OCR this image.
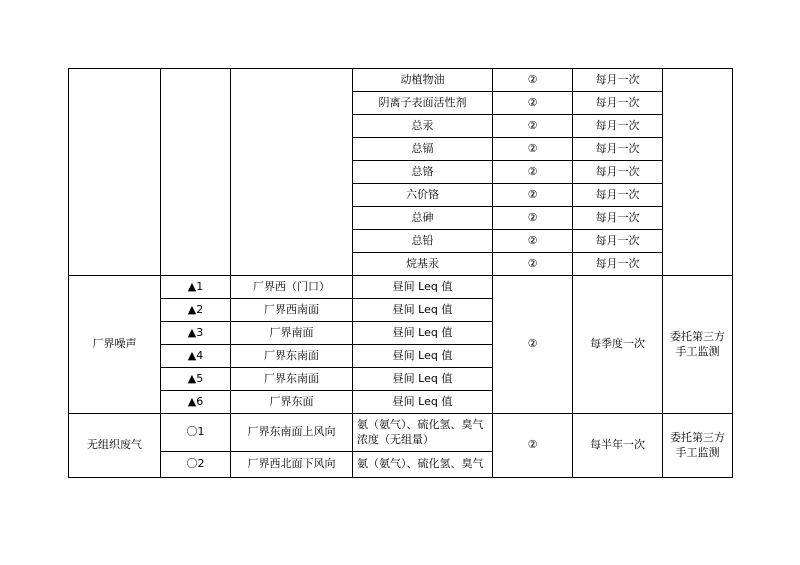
			动植物油	②	每月一次	
			阴离子表面活性剂	②	每月一次	
			总汞	②	每月一次	
			总镉	②	每月一次	
			总铬	②	每月一次	
			六价铬	②	每月一次	
			总砷	②	每月一次	
			总铅	②	每月一次	
			烷基汞	②	每月一次	
厂界噪声	▲1	厂界西（门口）	昼间 Leq 值	②	每季度一次	委托第三方手工监测
	▲2	厂界西南面	昼间 Leq 值			
	▲3	厂界南面	昼间 Leq 值			
	▲4	厂界东南面	昼间 Leq 值			
	▲5	厂界东南面	昼间 Leq 值			
	▲6	厂界东面	昼间 Leq 值			
无组织废气	〇1	厂界东南面上风向	氨（氨气）、硫化氢、臭气浓度（无组量）	②	每半年一次	委托第三方手工监测
	〇2	厂界西北面下风向	氨（氨气）、硫化氢、臭气			
